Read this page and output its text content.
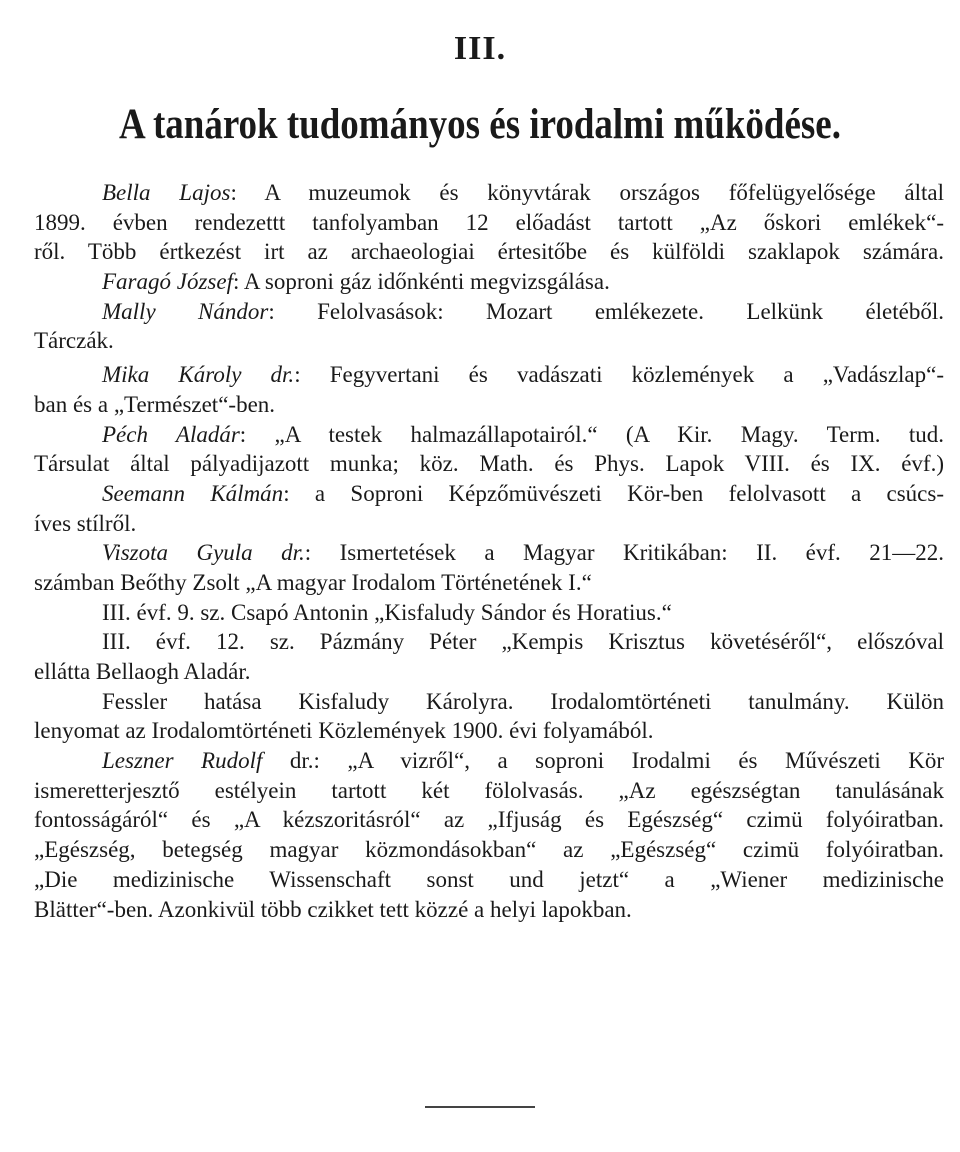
III.
A tanárok tudományos és irodalmi működése.
Bella Lajos: A muzeumok és könyvtárak országos főfelügyelősége által
1899. évben rendezettt tanfolyamban 12 előadást tartott „Az őskori emlékek“-
ről. Több értkezést irt az archaeologiai értesitőbe és külföldi szaklapok számára.
Faragó József: A soproni gáz időnkénti megvizsgálása.
Mally Nándor: Felolvasások: Mozart emlékezete. Lelkünk életéből.
Tárczák.
Mika Károly dr.: Fegyvertani és vadászati közlemények a „Vadászlap“-
ban és a „Természet“-ben.
Péch Aladár: „A testek halmazállapotairól.“ (A Kir. Magy. Term. tud.
Társulat által pályadijazott munka; köz. Math. és Phys. Lapok VIII. és IX. évf.)
Seemann Kálmán: a Soproni Képzőmüvészeti Kör-ben felolvasott a csúcs-
íves stílről.
Viszota Gyula dr.: Ismertetések a Magyar Kritikában: II. évf. 21—22.
számban Beőthy Zsolt „A magyar Irodalom Történetének I.“
III. évf. 9. sz. Csapó Antonin „Kisfaludy Sándor és Horatius.“
III. évf. 12. sz. Pázmány Péter „Kempis Krisztus követéséről“, előszóval
ellátta Bellaogh Aladár.
Fessler hatása Kisfaludy Károlyra. Irodalomtörténeti tanulmány. Külön
lenyomat az Irodalomtörténeti Közlemények 1900. évi folyamából.
Leszner Rudolf dr.: „A vizről“, a soproni Irodalmi és Művészeti Kör
ismeretterjesztő estélyein tartott két fölolvasás. „Az egészségtan tanulásának
fontosságáról“ és „A kézszoritásról“ az „Ifjuság és Egészség“ czimü folyóiratban.
„Egészség, betegség magyar közmondásokban“ az „Egészség“ czimü folyóiratban.
„Die medizinische Wissenschaft sonst und jetzt“ a „Wiener medizinische
Blätter“-ben. Azonkivül több czikket tett közzé a helyi lapokban.
